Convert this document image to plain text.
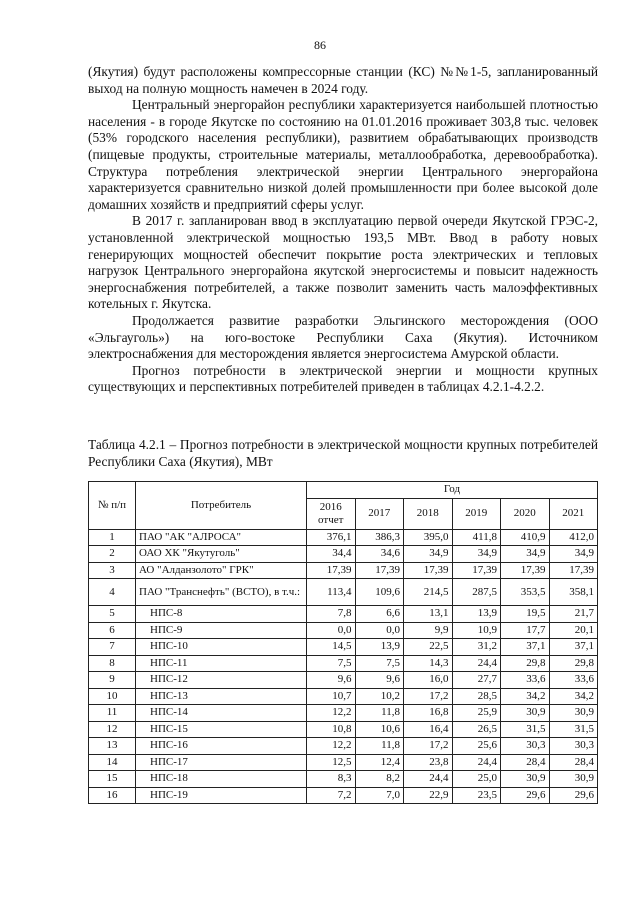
86

(Якутия) будут расположены компрессорные станции (КС) №№1-5, запланированный выход на полную мощность намечен в 2024 году.

Центральный энергорайон республики характеризуется наибольшей плотностью населения - в городе Якутске по состоянию на 01.01.2016 проживает 303,8 тыс. человек (53% городского населения республики), развитием обрабатывающих производств (пищевые продукты, строительные материалы, металлообработка, деревообработка). Структура потребления электрической энергии Центрального энергорайона характеризуется сравнительно низкой долей промышленности при более высокой доле домашних хозяйств и предприятий сферы услуг.

В 2017 г. запланирован ввод в эксплуатацию первой очереди Якутской ГРЭС-2, установленной электрической мощностью 193,5 МВт. Ввод в работу новых генерирующих мощностей обеспечит покрытие роста электрических и тепловых нагрузок Центрального энергорайона якутской энергосистемы и повысит надежность энергоснабжения потребителей, а также позволит заменить часть малоэффективных котельных г. Якутска.

Продолжается развитие разработки Эльгинского месторождения (ООО «Эльгауголь») на юго-востоке Республики Саха (Якутия). Источником электроснабжения для месторождения является энергосистема Амурской области.

Прогноз потребности в электрической энергии и мощности крупных существующих и перспективных потребителей приведен в таблицах 4.2.1-4.2.2.

Таблица 4.2.1 – Прогноз потребности в электрической мощности крупных потребителей Республики Саха (Якутия), МВт

№ п/п	Потребитель	Год					
		2016 отчет	2017	2018	2019	2020	2021
1	ПАО "АК "АЛРОСА"	376,1	386,3	395,0	411,8	410,9	412,0
2	ОАО ХК "Якутуголь"	34,4	34,6	34,9	34,9	34,9	34,9
3	АО "Алданзолото" ГРК"	17,39	17,39	17,39	17,39	17,39	17,39
4	ПАО "Транснефть" (ВСТО), в т.ч.:	113,4	109,6	214,5	287,5	353,5	358,1
5	НПС-8	7,8	6,6	13,1	13,9	19,5	21,7
6	НПС-9	0,0	0,0	9,9	10,9	17,7	20,1
7	НПС-10	14,5	13,9	22,5	31,2	37,1	37,1
8	НПС-11	7,5	7,5	14,3	24,4	29,8	29,8
9	НПС-12	9,6	9,6	16,0	27,7	33,6	33,6
10	НПС-13	10,7	10,2	17,2	28,5	34,2	34,2
11	НПС-14	12,2	11,8	16,8	25,9	30,9	30,9
12	НПС-15	10,8	10,6	16,4	26,5	31,5	31,5
13	НПС-16	12,2	11,8	17,2	25,6	30,3	30,3
14	НПС-17	12,5	12,4	23,8	24,4	28,4	28,4
15	НПС-18	8,3	8,2	24,4	25,0	30,9	30,9
16	НПС-19	7,2	7,0	22,9	23,5	29,6	29,6
